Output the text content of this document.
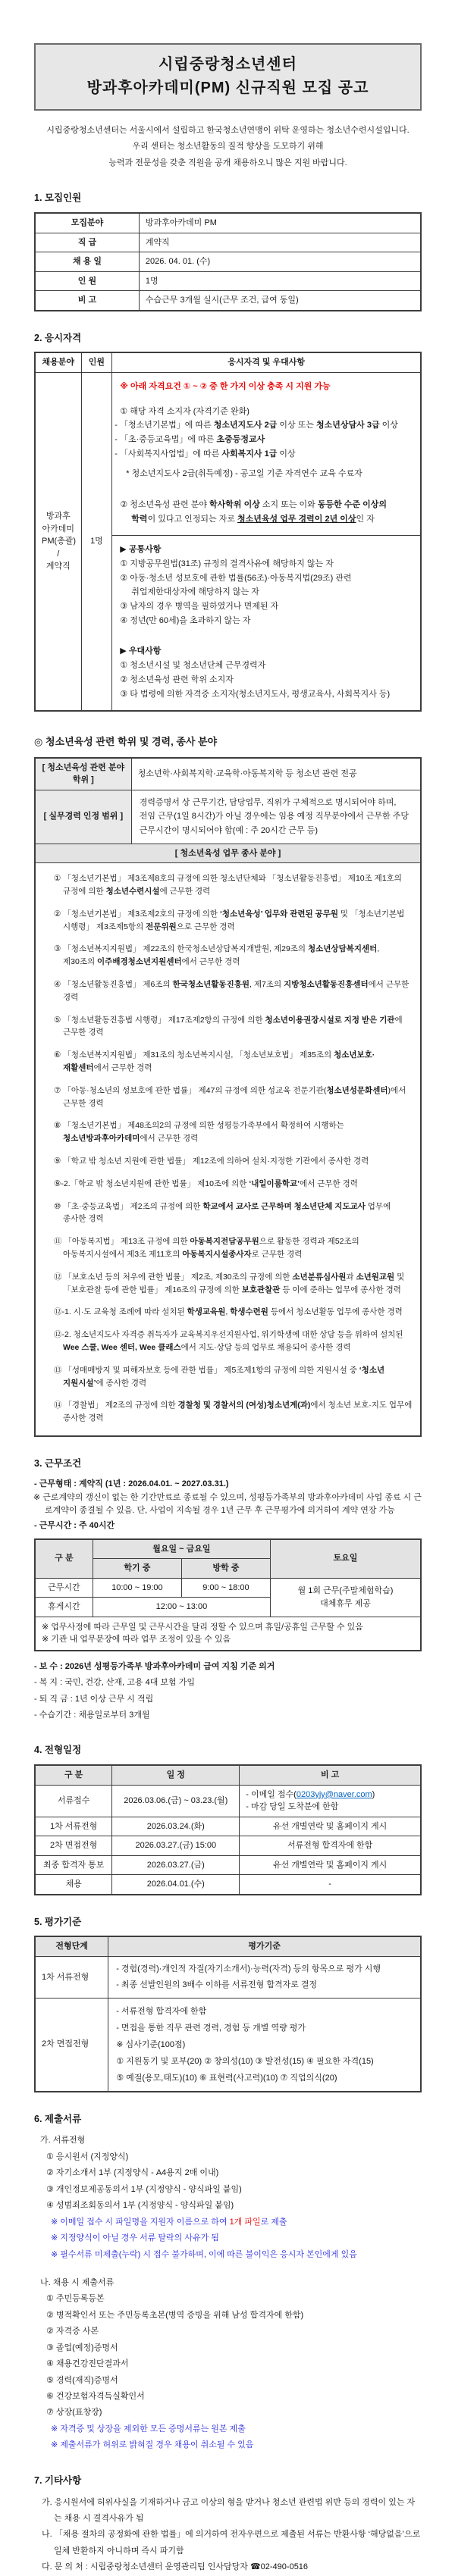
시립중랑청소년센터
방과후아카데미(PM) 신규직원 모집 공고
시립중랑청소년센터는 서울시에서 설립하고 한국청소년연맹이 위탁 운영하는 청소년수련시설입니다.
우리 센터는 청소년활동의 질적 향상을 도모하기 위해
능력과 전문성을 갖춘 직원을 공개 채용하오니 많은 지원 바랍니다.
1. 모집인원
모집분야	방과후아카데미 PM
직 급	계약직
채 용 일	2026. 04. 01. (수)
인 원	1명
비 고	수습근무 3개월 실시(근무 조건, 급여 동일)
2. 응시자격
채용분야	인원	응시자격 및 우대사항

방과후
아카데미
PM(총괄)
/
계약직
	1명	
※ 아래 자격요건 ① ~ ② 중 한 가지 이상 충족 시 지원 가능
① 해당 자격 소지자 (자격기준 완화)
- 「청소년기본법」에 따른 청소년지도사 2급 이상 또는 청소년상담사 3급 이상
- 「초·중등교육법」에 따른 초중등정교사
- 「사회복지사업법」에 따른 사회복지사 1급 이상
* 청소년지도사 2급(취득예정) - 공고일 기준 자격연수 교육 수료자
② 청소년육성 관련 분야 학사학위 이상 소지 또는 이와 동등한 수준 이상의 학력이 있다고 인정되는 자로 청소년육성 업무 경력이 2년 이상인 자

▶ 공통사항
① 지방공무원법(31조) 규정의 결격사유에 해당하지 않는 자
② 아동·청소년 성보호에 관한 법률(56조)·아동복지법(29조) 관련 취업제한대상자에 해당하지 않는 자
③ 남자의 경우 병역을 필하였거나 면제된 자
④ 정년(만 60세)을 초과하지 않는 자
▶ 우대사항
① 청소년시설 및 청소년단체 근무경력자
② 청소년육성 관련 학위 소지자
③ 타 법령에 의한 자격증 소지자(청소년지도사, 평생교육사, 사회복지사 등)
◎ 청소년육성 관련 학위 및 경력, 종사 분야
[ 청소년육성 관련 분야 학위 ]	청소년학·사회복지학·교육학·아동복지학 등 청소년 관련 전공
[ 실무경력 인정 범위 ]	경력증명서 상 근무기간, 담당업무, 직위가 구체적으로 명시되어야 하며, 전임 근무(1일 8시간)가 아닐 경우에는 임용 예정 직무분야에서 근무한 주당 근무시간이 명시되어야 함(예 : 주 20시간 근무 등)
[ 청소년육성 업무 종사 분야 ]	

① 「청소년기본법」 제3조제8호의 규정에 의한 청소년단체와 「청소년활동진흥법」 제10조 제1호의 규정에 의한 청소년수련시설에 근무한 경력
② 「청소년기본법」 제3조제2호의 규정에 의한 ‘청소년육성’ 업무와 관련된 공무원 및 「청소년기본법 시행령」 제3조제5항의 전문위원으로 근무한 경력
③ 「청소년복지지원법」 제22조의 한국청소년상담복지개발원, 제29조의 청소년상담복지센터, 제30조의 이주배경청소년지원센터에서 근무한 경력
④ 「청소년활동진흥법」 제6조의 한국청소년활동진흥원, 제7조의 지방청소년활동진흥센터에서 근무한 경력
⑤ 「청소년활동진흥법 시행령」 제17조제2항의 규정에 의한 청소년이용권장시설로 지정 받은 기관에 근무한 경력
⑥ 「청소년복지지원법」 제31조의 청소년복지시설, 「청소년보호법」 제35조의 청소년보호· 재활센터에서 근무한 경력
⑦ 「아동·청소년의 성보호에 관한 법률」 제47의 규정에 의한 성교육 전문기관(청소년성문화센터)에서 근무한 경력
⑧ 「청소년기본법」 제48조의2의 규정에 의한 성평등가족부에서 확정하여 시행하는 청소년방과후아카데미에서 근무한 경력
⑨ 「학교 밖 청소년 지원에 관한 법률」 제12조에 의하여 설치·지정한 기관에서 종사한 경력
⑨-2.「학교 밖 청소년지원에 관한 법률」 제10조에 의한 ‘내일이룸학교’에서 근무한 경력
⑩ 「초·중등교육법」 제2조의 규정에 의한 학교에서 교사로 근무하며 청소년단체 지도교사 업무에 종사한 경력
⑪ 「아동복지법」 제13조 규정에 의한 아동복지전담공무원으로 활동한 경력과 제52조의 아동복지시설에서 제3조 제11호의 아동복지시설종사자로 근무한 경력
⑫ 「보호소년 등의 처우에 관한 법률」 제2조, 제30조의 규정에 의한 소년분류심사원과 소년원교원 및 「보호관찰 등에 관한 법률」 제16조의 규정에 의한 보호관찰관 등 이에 준하는 업무에 종사한 경력
⑫-1. 시·도 교육청 조례에 따라 설치된 학생교육원, 학생수련원 등에서 청소년활동 업무에 종사한 경력
⑫-2. 청소년지도사 자격증 취득자가 교육복지우선지원사업, 위기학생에 대한 상담 등을 위하여 설치된 Wee 스쿨, Wee 센터, Wee 클래스에서 지도·상담 등의 업무로 채용되어 종사한 경력
⑬ 「성매매방지 및 피해자보호 등에 관한 법률」 제5조제1항의 규정에 의한 지원시설 중 ‘청소년 지원시설’에 종사한 경력
⑭ 「경찰법」 제2조의 규정에 의한 경찰청 및 경찰서의 (여성)청소년계(과)에서 청소년 보호·지도 업무에 종사한 경력
3. 근무조건
- 근무형태 : 계약직 (1년 : 2026.04.01. ~ 2027.03.31.)
※ 근로계약의 갱신이 없는 한 기간만료로 종료될 수 있으며, 성평등가족부의 방과후아카데미 사업 종료 시 근로계약이 종결될 수 있음. 단, 사업이 지속될 경우 1년 근무 후 근무평가에 의거하여 계약 연장 가능
- 근무시간 : 주 40시간
구 분	월요일 ~ 금요일		토요일
	학기 중	방학 중	
근무시간	10:00 ~ 19:00	9:00 ~ 18:00	월 1회 근무(주말체험학습)
대체휴무 제공

휴게시간	12:00 ~ 13:00		

※ 업무사정에 따라 근무일 및 근무시간을 달리 정할 수 있으며 휴일/공휴일 근무할 수 있음
※ 기관 내 업무분장에 따라 업무 조정이 있을 수 있음			
- 보 수 : 2026년 성평등가족부 방과후아카데미 급여 지침 기준 의거
- 복 지 : 국민, 건강, 산재, 고용 4대 보험 가입
- 퇴 직 금 : 1년 이상 근무 시 적립
- 수습기간 : 채용일로부터 3개월
4. 전형일정
구 분	일 정	비 고
서류접수	2026.03.06.(금) ~ 03.23.(월)	- 이메일 접수(0203yjy@naver.com)
- 마감 당일 도착분에 한함

1차 서류전형	2026.03.24.(화)	유선 개별연락 및 홈페이지 게시
2차 면접전형	2026.03.27.(금) 15:00	서류전형 합격자에 한함
최종 합격자 통보	2026.03.27.(금)	유선 개별연락 및 홈페이지 게시
채용	2026.04.01.(수)	-
5. 평가기준
전형단계	평가기준
1차 서류전형	- 경험(경력)·개인적 자질(자기소개서)·능력(자격) 등의 항목으로 평가 시행
- 최종 선발인원의 3배수 이하를 서류전형 합격자로 결정

2차 면접전형	- 서류전형 합격자에 한함
- 면접을 통한 직무 관련 경력, 경험 등 개별 역량 평가
※ 심사기준(100점)
① 지원동기 및 포부(20) ② 창의성(10) ③ 발전성(15) ④ 필요한 자격(15)
⑤ 예절(용모,태도)(10) ⑥ 표현력(사고력)(10) ⑦ 직업의식(20)
6. 제출서류
가. 서류전형
① 응시원서 (지정양식)
② 자기소개서 1부 (지정양식 - A4용지 2매 이내)
③ 개인정보제공동의서 1부 (지정양식 - 양식파일 붙임)
④ 성범죄조회동의서 1부 (지정양식 - 양식파일 붙임)
※ 이메일 접수 시 파일명을 지원자 이름으로 하여 1개 파일로 제출
※ 지정양식이 아닐 경우 서류 탈락의 사유가 됨
※ 필수서류 미제출(누락) 시 접수 불가하며, 이에 따른 불이익은 응시자 본인에게 있음
나. 채용 시 제출서류
① 주민등록등본
② 병적확인서 또는 주민등록초본(병역 증빙을 위해 남성 합격자에 한함)
② 자격증 사본
③ 졸업(예정)증명서
④ 채용건강진단결과서
⑤ 경력(재직)증명서
⑥ 건강보험자격득실확인서
⑦ 상장(표창장)
※ 자격증 및 상장을 제외한 모든 증명서류는 원본 제출
※ 제출서류가 허위로 밝혀질 경우 채용이 취소될 수 있음
7. 기타사항
가. 응시원서에 허위사실을 기재하거나 금고 이상의 형을 받거나 청소년 관련법 위반 등의 경력이 있는 자는 채용 시 결격사유가 됨
나. 「채용 절차의 공정화에 관한 법률」에 의거하여 전자우편으로 제출된 서류는 반환사항 ‘해당없음’으로 일체 반환하지 아니하며 즉시 파기함
다. 문 의 처 : 시립중랑청소년센터 운영관리팀 인사담당자 ☎02-490-0516
